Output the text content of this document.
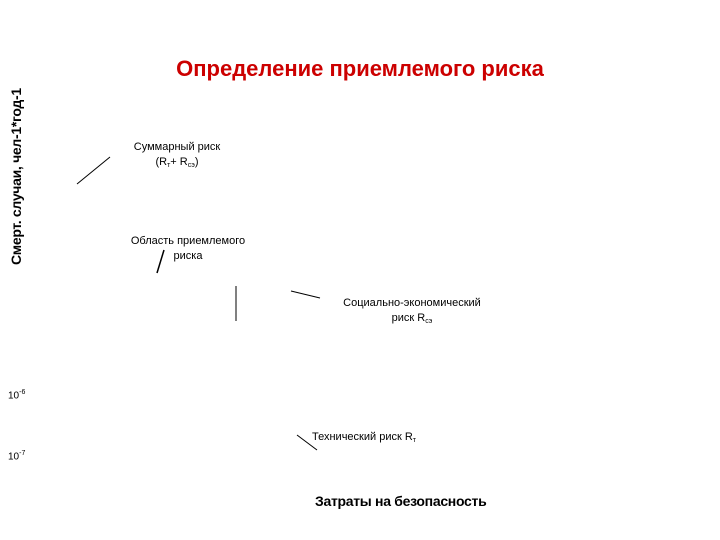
Определение приемлемого риска
Смерт. случаи, чел-1*год-1	Суммарный риск
$(R_т+ R_{сэ})$
Область приемлемого
риска
Социально-экономический
риск $R_{сэ}$
Технический риск $R_т$
$10^{-6}$
$10^{-7}$
Затраты на безопасность
